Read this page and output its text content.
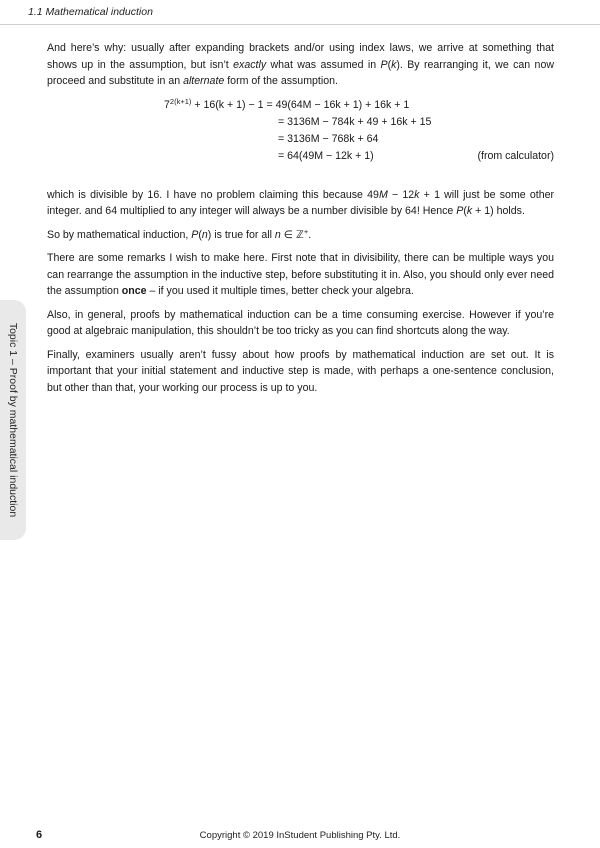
1.1 Mathematical induction
Topic 1 – Proof by mathematical induction

And here’s why: usually after expanding brackets and/or using index laws, we arrive at something that shows up in the assumption, but isn’t exactly what was assumed in P(k). By rearranging it, we can now proceed and substitute in an alternate form of the assumption.

$7^{2(k+1)} + 16(k + 1) - 1 = 49(64M - 16k + 1) + 16k + 1$
= 3136M − 784k + 49 + 16k + 15
= 3136M − 768k + 64
= 64(49M − 12k + 1)	(from calculator)

which is divisible by 16. I have no problem claiming this because 49M − 12k + 1 will just be some other integer. and 64 multiplied to any integer will always be a number divisible by 64! Hence P(k + 1) holds.

So by mathematical induction, P(n) is true for all n ∈ ℤ+.

There are some remarks I wish to make here. First note that in divisibility, there can be multiple ways you can rearrange the assumption in the inductive step, before substituting it in. Also, you should only ever need the assumption once – if you used it multiple times, better check your algebra.

Also, in general, proofs by mathematical induction can be a time consuming exercise. However if you’re good at algebraic manipulation, this shouldn’t be too tricky as you can find shortcuts along the way.

Finally, examiners usually aren’t fussy about how proofs by mathematical induction are set out. It is important that your initial statement and inductive step is made, with perhaps a one-sentence conclusion, but other than that, your working our process is up to you.

6	Copyright © 2019 InStudent Publishing Pty. Ltd.
